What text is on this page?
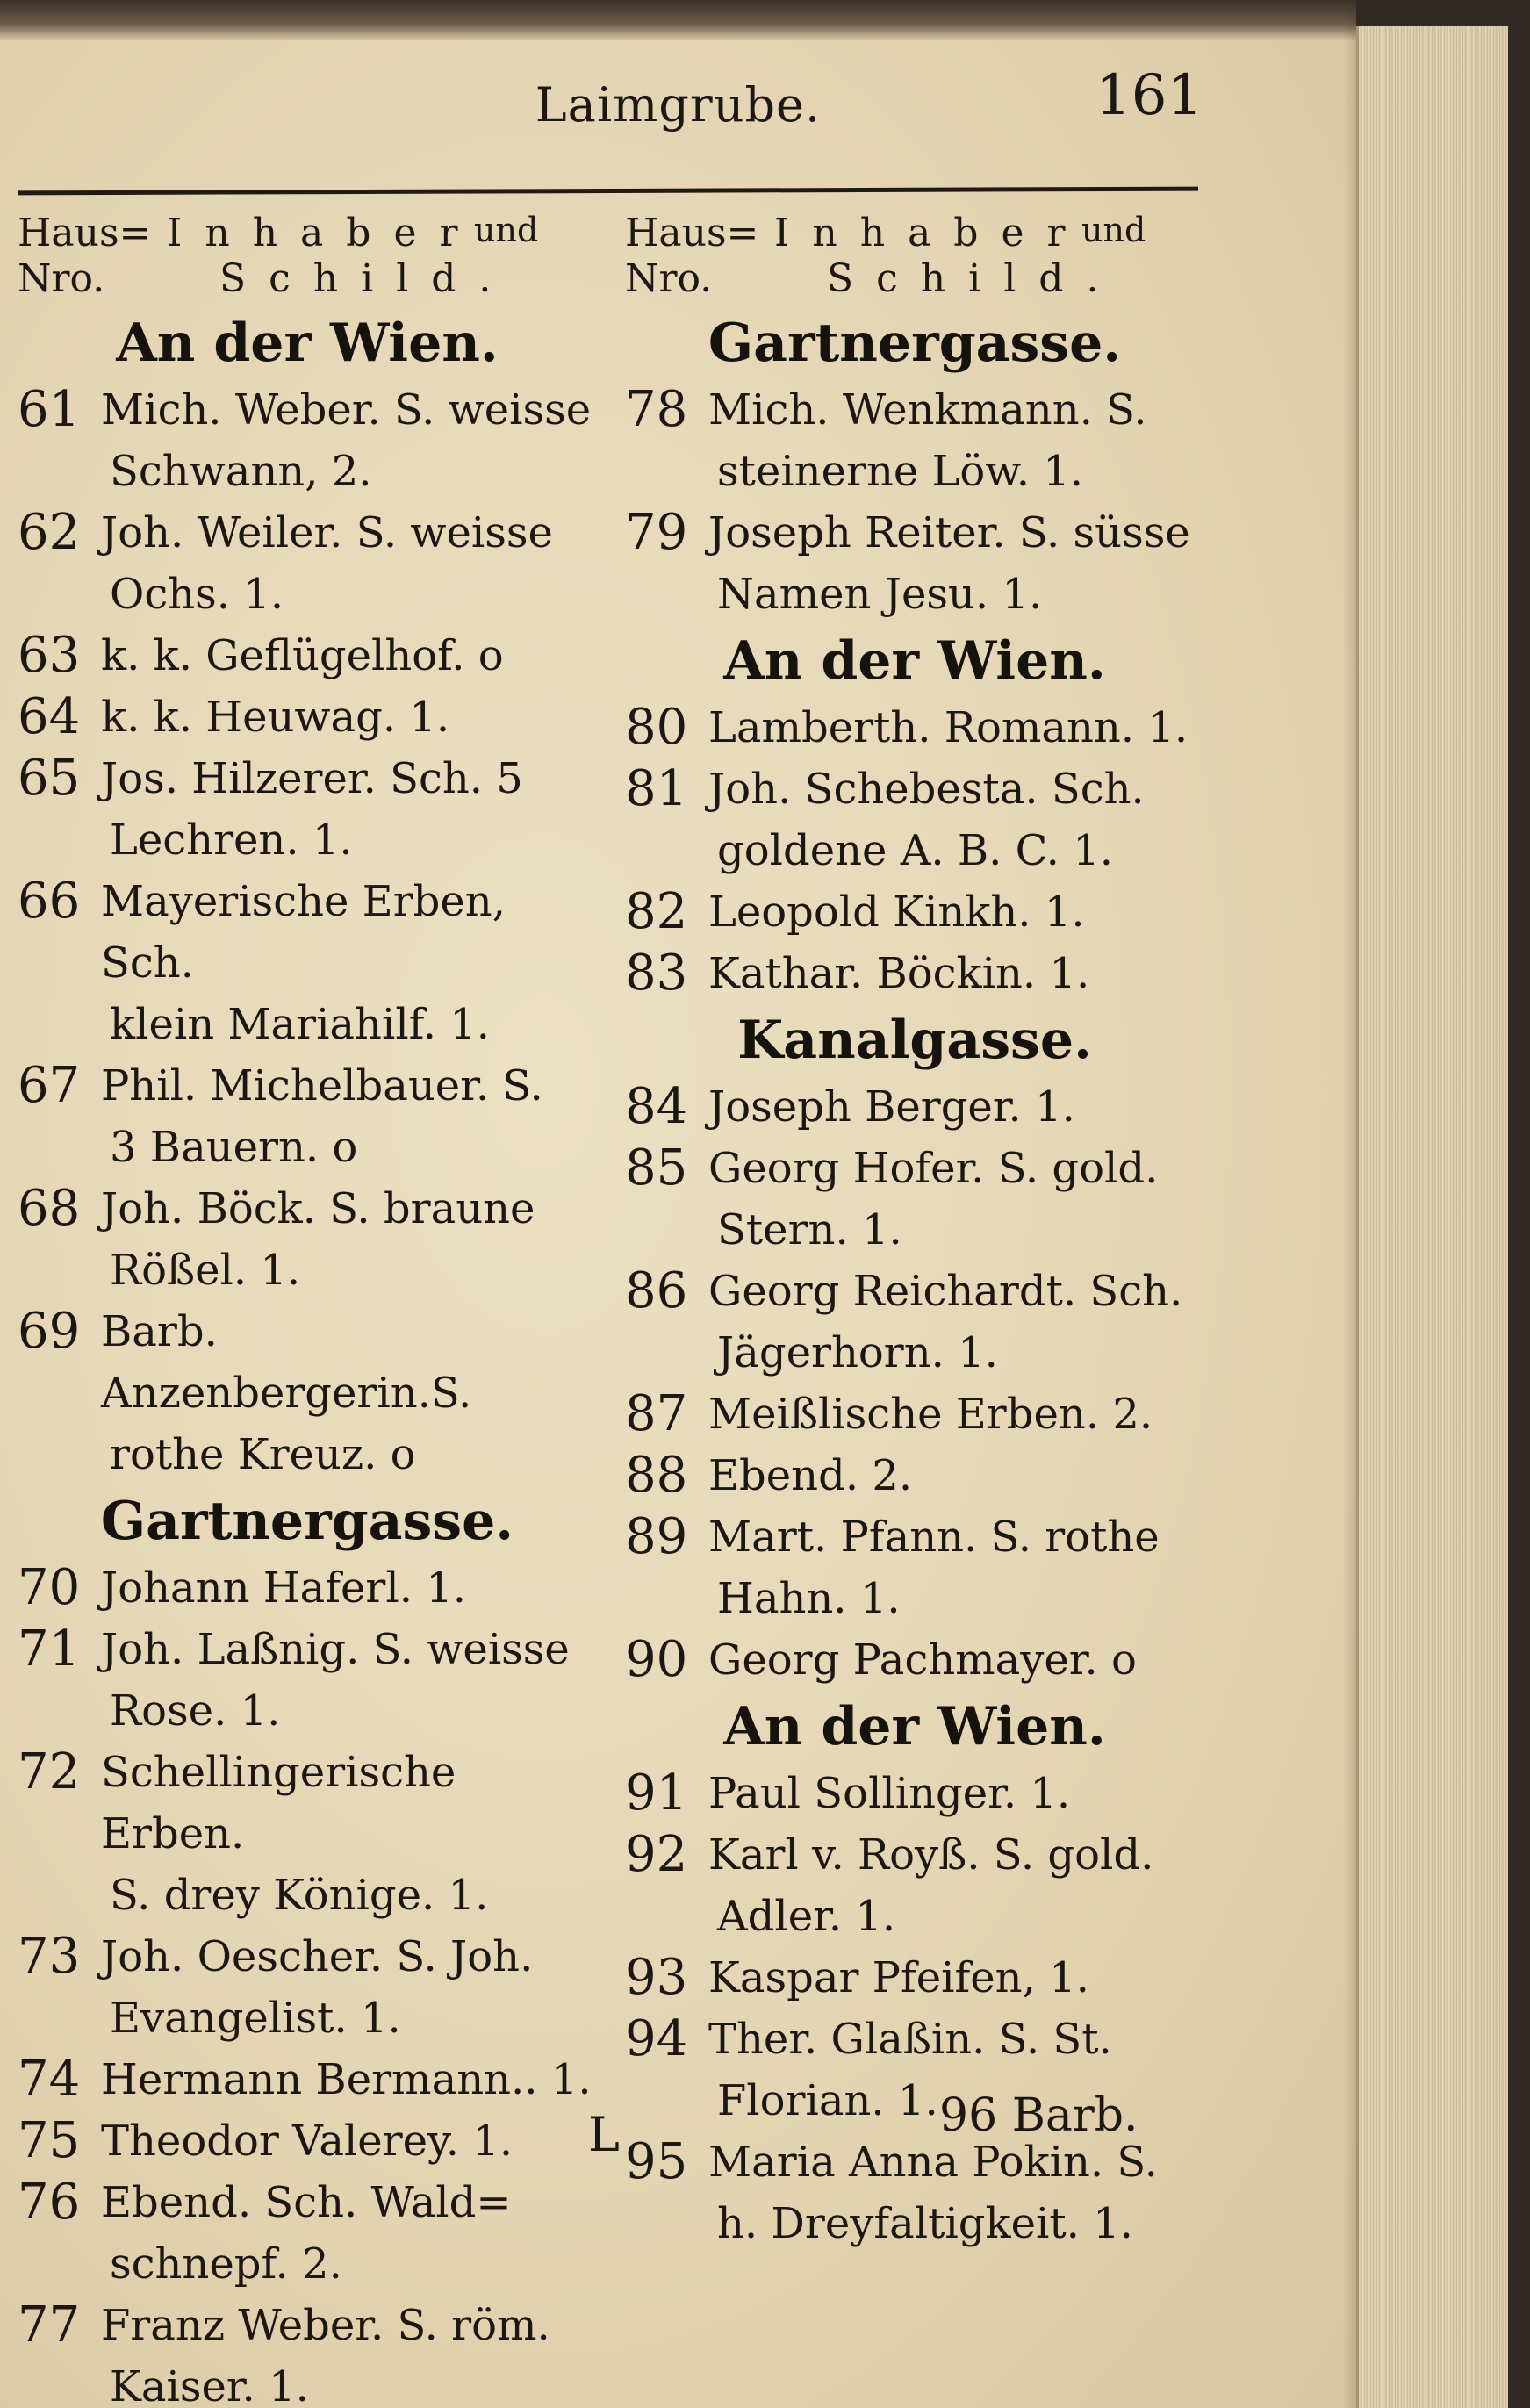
Laimgrube.	161
Haus=
Nro.
Inhaber
und
Schild.
An der Wien.
61 Mich. Weber. S. weisse
Schwann, 2.
62 Joh. Weiler. S. weisse
Ochs. 1.
63 k. k. Geflügelhof. o
64 k. k. Heuwag. 1.
65 Jos. Hilzerer. Sch. 5
Lechren. 1.
66 Mayerische Erben, Sch.
klein Mariahilf. 1.
67 Phil. Michelbauer. S.
3 Bauern. o
68 Joh. Böck. S. braune
Rößel. 1.
69 Barb. Anzenbergerin.S.
rothe Kreuz. o
Gartnergasse.
70 Johann Haferl. 1.
71 Joh. Laßnig. S. weisse
Rose. 1.
72 Schellingerische Erben.
S. drey Könige. 1.
73 Joh. Oescher. S. Joh.
Evangelist. 1.
74 Hermann Bermann.. 1.
75 Theodor Valerey. 1.
76 Ebend. Sch. Wald=
schnepf. 2.
77 Franz Weber. S. röm.
Kaiser. 1.
Haus=
Nro.
Inhaber
und
Schild.
Gartnergasse.
78 Mich. Wenkmann. S.
steinerne Löw. 1.
79 Joseph Reiter. S. süsse
Namen Jesu. 1.
An der Wien.
80 Lamberth. Romann. 1.
81 Joh. Schebesta. Sch.
goldene A. B. C. 1.
82 Leopold Kinkh. 1.
83 Kathar. Böckin. 1.
Kanalgasse.
84 Joseph Berger. 1.
85 Georg Hofer. S. gold.
Stern. 1.
86 Georg Reichardt. Sch.
Jägerhorn. 1.
87 Meißlische Erben. 2.
88 Ebend. 2.
89 Mart. Pfann. S. rothe
Hahn. 1.
90 Georg Pachmayer. o
An der Wien.
91 Paul Sollinger. 1.
92 Karl v. Royß. S. gold.
Adler. 1.
93 Kaspar Pfeifen, 1.
94 Ther. Glaßin. S. St.
Florian. 1.
95 Maria Anna Pokin. S.
h. Dreyfaltigkeit. 1.
L	96 Barb.
